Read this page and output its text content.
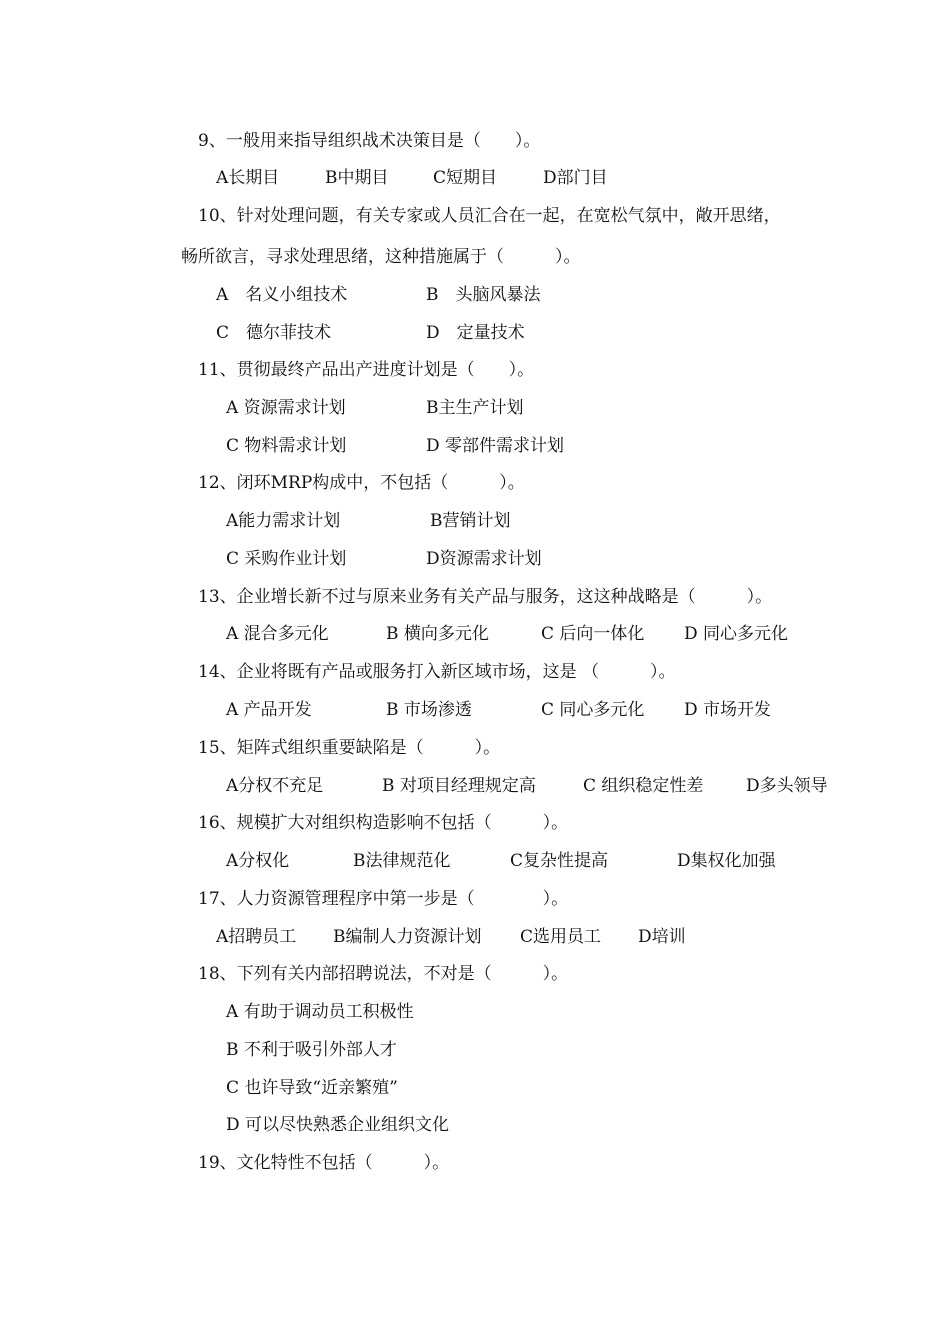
9、一般用来指导组织战术决策目是（　　）。
A长期目	B中期目	C短期目	D部门目
10、针对处理问题，有关专家或人员汇合在一起，在宽松气氛中，敞开思绪，
畅所欲言，寻求处理思绪，这种措施属于（　　　）。
A　名义小组技术	B　头脑风暴法
C　德尔菲技术	D　定量技术
11、贯彻最终产品出产进度计划是（　　）。
A 资源需求计划	B主生产计划
C 物料需求计划	D 零部件需求计划
12、闭环MRP构成中，不包括（　　　）。
A能力需求计划	B营销计划
C 采购作业计划	D资源需求计划
13、企业增长新不过与原来业务有关产品与服务，这这种战略是（　　　）。
A 混合多元化	B 横向多元化	C 后向一体化 D 同心多元化
14、企业将既有产品或服务打入新区域市场，这是 （　　　）。
A 产品开发	B 市场渗透	C 同心多元化 D 市场开发
15、矩阵式组织重要缺陷是（　　　）。
A分权不充足	B 对项目经理规定高	C 组织稳定性差	D多头领导
16、规模扩大对组织构造影响不包括（　　　）。
A分权化	B法律规范化	C复杂性提高	D集权化加强
17、人力资源管理程序中第一步是（　　　　）。
A招聘员工 B编制人力资源计划 C选用员工 D培训
18、下列有关内部招聘说法，不对是（　　　）。
A 有助于调动员工积极性
B 不利于吸引外部人才
C 也许导致“近亲繁殖”
D 可以尽快熟悉企业组织文化
19、文化特性不包括（　　　）。
